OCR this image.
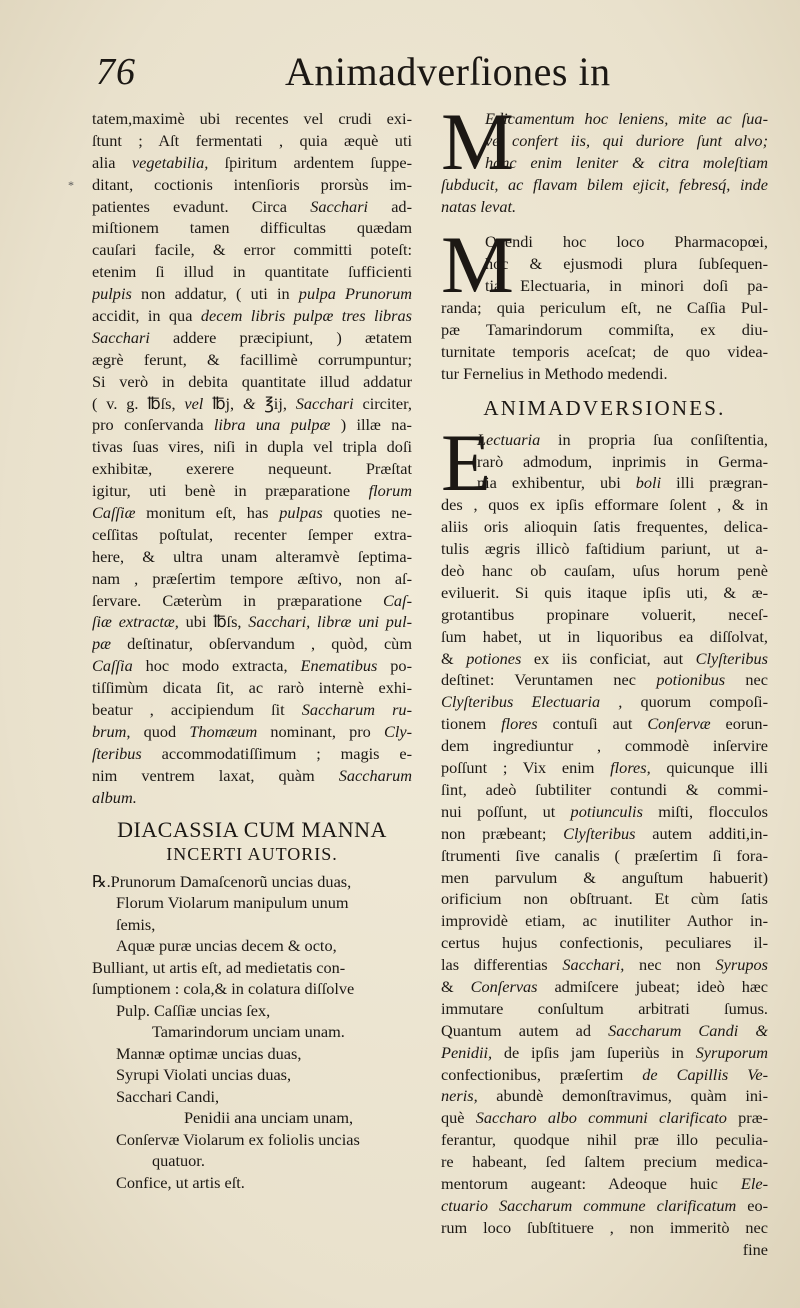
76	Animadverſiones in
*
tatem,maximè ubi recentes vel crudi exi-
ſtunt ; Aſt fermentati , quia æquè uti
alia vegetabilia, ſpiritum ardentem ſuppe-
ditant, coctionis intenſioris prorsùs im-
patientes evadunt. Circa Sacchari ad-
miſtionem tamen difficultas quædam
cauſari facile, & error committi poteſt:
etenim ſi illud in quantitate ſufficienti
pulpis non addatur, ( uti in pulpa Prunorum
accidit, in qua decem libris pulpæ tres libras
Sacchari addere præcipiunt, ) ætatem
ægrè ferunt, & facillimè corrumpuntur;
Si verò in debita quantitate illud addatur
( v. g. ℔ſs, vel ℔j, & ℥ij, Sacchari circiter,
pro conſervanda libra una pulpæ ) illæ na-
tivas ſuas vires, niſi in dupla vel tripla doſi
exhibitæ, exerere nequeunt. Præſtat
igitur, uti benè in præparatione florum
Caſſiæ monitum eſt, has pulpas quoties ne-
ceſſitas poſtulat, recenter ſemper extra-
here, & ultra unam alteramvè ſeptima-
nam , præſertim tempore æſtivo, non aſ-
ſervare. Cæterùm in præparatione Caſ-
ſiæ extractæ, ubi ℔ſs, Sacchari, libræ uni pul-
pæ deſtinatur, obſervandum , quòd, cùm
Caſſia hoc modo extracta, Enematibus po-
tiſſimùm dicata ſit, ac rarò internè exhi-
beatur , accipiendum ſit Saccharum ru-
brum, quod Thomæum nominant, pro Cly-
ſteribus accommodatiſſimum ; magis e-
nim ventrem laxat, quàm Saccharum
album.
DIACASSIA CUM MANNA
INCERTI AUTORIS.
℞.Prunorum Damaſcenorũ uncias duas,
Florum Violarum manipulum unum
ſemis,
Aquæ puræ uncias decem & octo,
Bulliant, ut artis eſt, ad medietatis con-
ſumptionem : cola,& in colatura diſſolve
Pulp. Caſſiæ uncias ſex,
Tamarindorum unciam unam.
Mannæ optimæ uncias duas,
Syrupi Violati uncias duas,
Sacchari Candi,
Penidii ana unciam unam,
Conſervæ Violarum ex foliolis uncias
quatuor.
Confice, ut artis eſt.
M
Edicamentum hoc leniens, mite ac ſua-
ve confert iis, qui duriore ſunt alvo;
hanc enim leniter & citra moleſtiam
ſubducit, ac flavam bilem ejicit, febresq́, inde
natas levat.
M
Onendi hoc loco Pharmacopœi,
hoc & ejusmodi plura ſubſequen-
tia Electuaria, in minori doſi pa-
randa; quia periculum eſt, ne Caſſia Pul-
pæ Tamarindorum commiſta, ex diu-
turnitate temporis aceſcat; de quo videa-
tur Fernelius in Methodo medendi.
ANIMADVERSIONES.
E
Lectuaria in propria ſua conſiſtentia,
rarò admodum, inprimis in Germa-
nia exhibentur, ubi boli illi prægran-
des , quos ex ipſis efformare ſolent , & in
aliis oris alioquin ſatis frequentes, delica-
tulis ægris illicò faſtidium pariunt, ut a-
deò hanc ob cauſam, uſus horum penè
eviluerit. Si quis itaque ipſis uti, & æ-
grotantibus propinare voluerit, neceſ-
ſum habet, ut in liquoribus ea diſſolvat,
& potiones ex iis conficiat, aut Clyſteribus
deſtinet: Veruntamen nec potionibus nec
Clyſteribus Electuaria , quorum compoſi-
tionem flores contuſi aut Conſervæ eorun-
dem ingrediuntur , commodè inſervire
poſſunt ; Vix enim flores, quicunque illi
ſint, adeò ſubtiliter contundi & commi-
nui poſſunt, ut potiunculis miſti, flocculos
non præbeant; Clyſteribus autem additi,in-
ſtrumenti ſive canalis ( præſertim ſi fora-
men parvulum & anguſtum habuerit)
orificium non obſtruant. Et cùm ſatis
improvidè etiam, ac inutiliter Author in-
certus hujus confectionis, peculiares il-
las differentias Sacchari, nec non Syrupos
& Conſervas admiſcere jubeat; ideò hæc
immutare conſultum arbitrati ſumus.
Quantum autem ad Saccharum Candi &
Penidii, de ipſis jam ſuperiùs in Syruporum
confectionibus, præſertim de Capillis Ve-
neris, abundè demonſtravimus, quàm ini-
què Saccharo albo communi clarificato præ-
ferantur, quodque nihil præ illo peculia-
re habeant, ſed ſaltem precium medica-
mentorum augeant: Adeoque huic Ele-
ctuario Saccharum commune clarificatum eo-
rum loco ſubſtituere , non immeritò nec
fine
